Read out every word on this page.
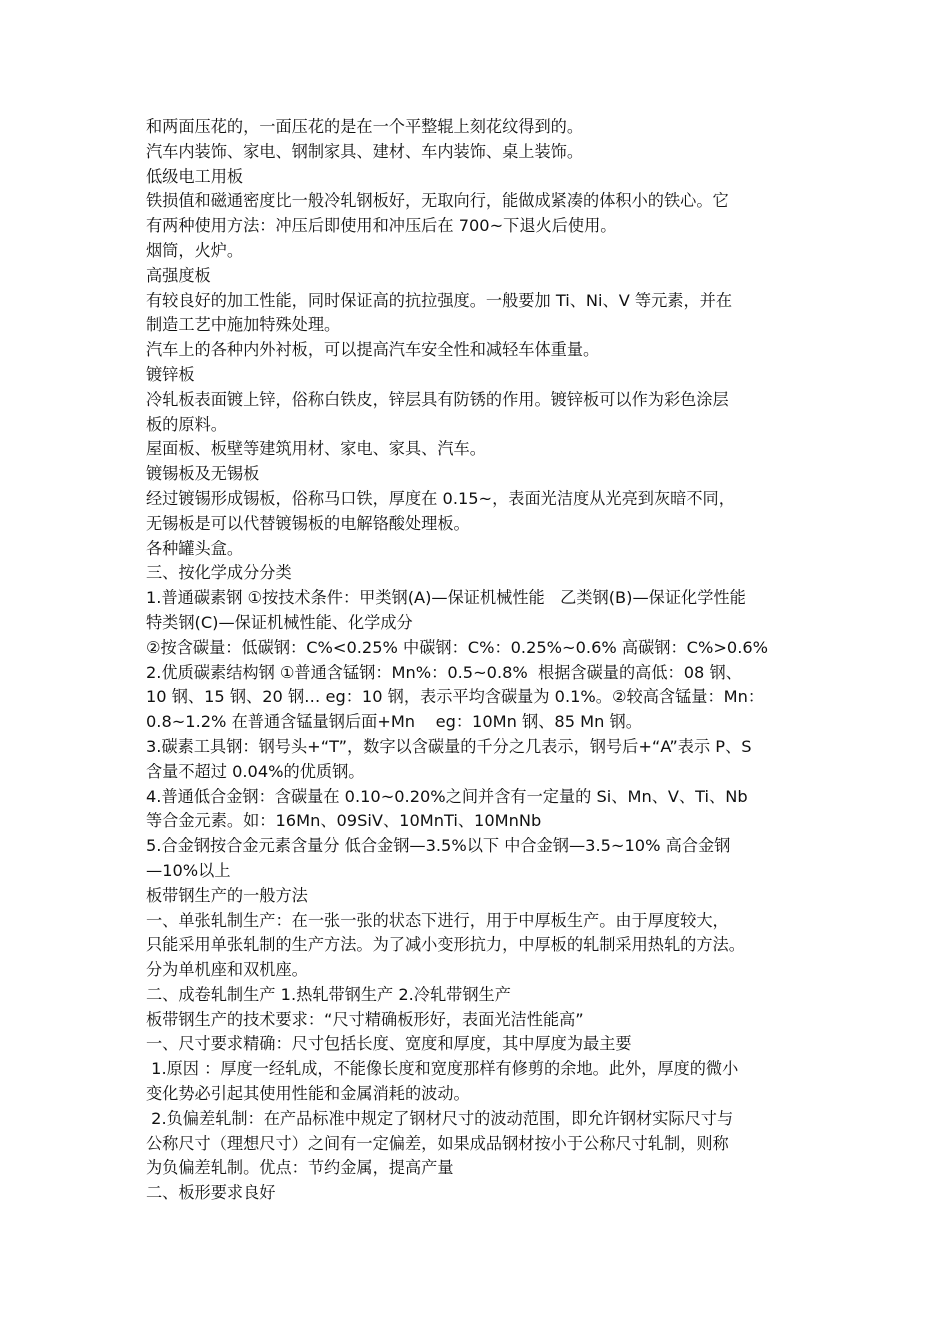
和两面压花的，一面压花的是在一个平整辊上刻花纹得到的。
汽车内装饰、家电、钢制家具、建材、车内装饰、桌上装饰。
低级电工用板
铁损值和磁通密度比一般冷轧钢板好，无取向行，能做成紧凑的体积小的铁心。它
有两种使用方法：冲压后即使用和冲压后在 700~下退火后使用。
烟筒，火炉。
高强度板
有较良好的加工性能，同时保证高的抗拉强度。一般要加 Ti、Ni、V 等元素，并在
制造工艺中施加特殊处理。
汽车上的各种内外衬板，可以提高汽车安全性和减轻车体重量。
镀锌板
冷轧板表面镀上锌，俗称白铁皮，锌层具有防锈的作用。镀锌板可以作为彩色涂层
板的原料。
屋面板、板壁等建筑用材、家电、家具、汽车。
镀锡板及无锡板
经过镀锡形成锡板，俗称马口铁，厚度在 0.15~，表面光洁度从光亮到灰暗不同，
无锡板是可以代替镀锡板的电解铬酸处理板。
各种罐头盒。
三、按化学成分分类
1.普通碳素钢 ①按技术条件：甲类钢(A)—保证机械性能   乙类钢(B)—保证化学性能
特类钢(C)—保证机械性能、化学成分
②按含碳量：低碳钢：C%<0.25% 中碳钢：C%：0.25%~0.6% 高碳钢：C%>0.6%
2.优质碳素结构钢 ①普通含锰钢：Mn%：0.5~0.8%  根据含碳量的高低：08 钢、
10 钢、15 钢、20 钢… eg：10 钢，表示平均含碳量为 0.1%。②较高含锰量：Mn：
0.8~1.2% 在普通含锰量钢后面+Mn    eg：10Mn 钢、85 Mn 钢。
3.碳素工具钢：钢号头+“T”，数字以含碳量的千分之几表示，钢号后+“A”表示 P、S
含量不超过 0.04%的优质钢。
4.普通低合金钢：含碳量在 0.10~0.20%之间并含有一定量的 Si、Mn、V、Ti、Nb
等合金元素。如：16Mn、09SiV、10MnTi、10MnNb
5.合金钢按合金元素含量分 低合金钢—3.5%以下 中合金钢—3.5~10% 高合金钢
—10%以上
板带钢生产的一般方法
一、单张轧制生产：在一张一张的状态下进行，用于中厚板生产。由于厚度较大，
只能采用单张轧制的生产方法。为了减小变形抗力，中厚板的轧制采用热轧的方法。
分为单机座和双机座。
二、成卷轧制生产 1.热轧带钢生产 2.冷轧带钢生产
板带钢生产的技术要求：“尺寸精确板形好，表面光洁性能高”
一、尺寸要求精确：尺寸包括长度、宽度和厚度，其中厚度为最主要
1.原因 ：厚度一经轧成，不能像长度和宽度那样有修剪的余地。此外，厚度的微小
变化势必引起其使用性能和金属消耗的波动。
2.负偏差轧制：在产品标准中规定了钢材尺寸的波动范围，即允许钢材实际尺寸与
公称尺寸（理想尺寸）之间有一定偏差，如果成品钢材按小于公称尺寸轧制，则称
为负偏差轧制。优点：节约金属，提高产量
二、板形要求良好
